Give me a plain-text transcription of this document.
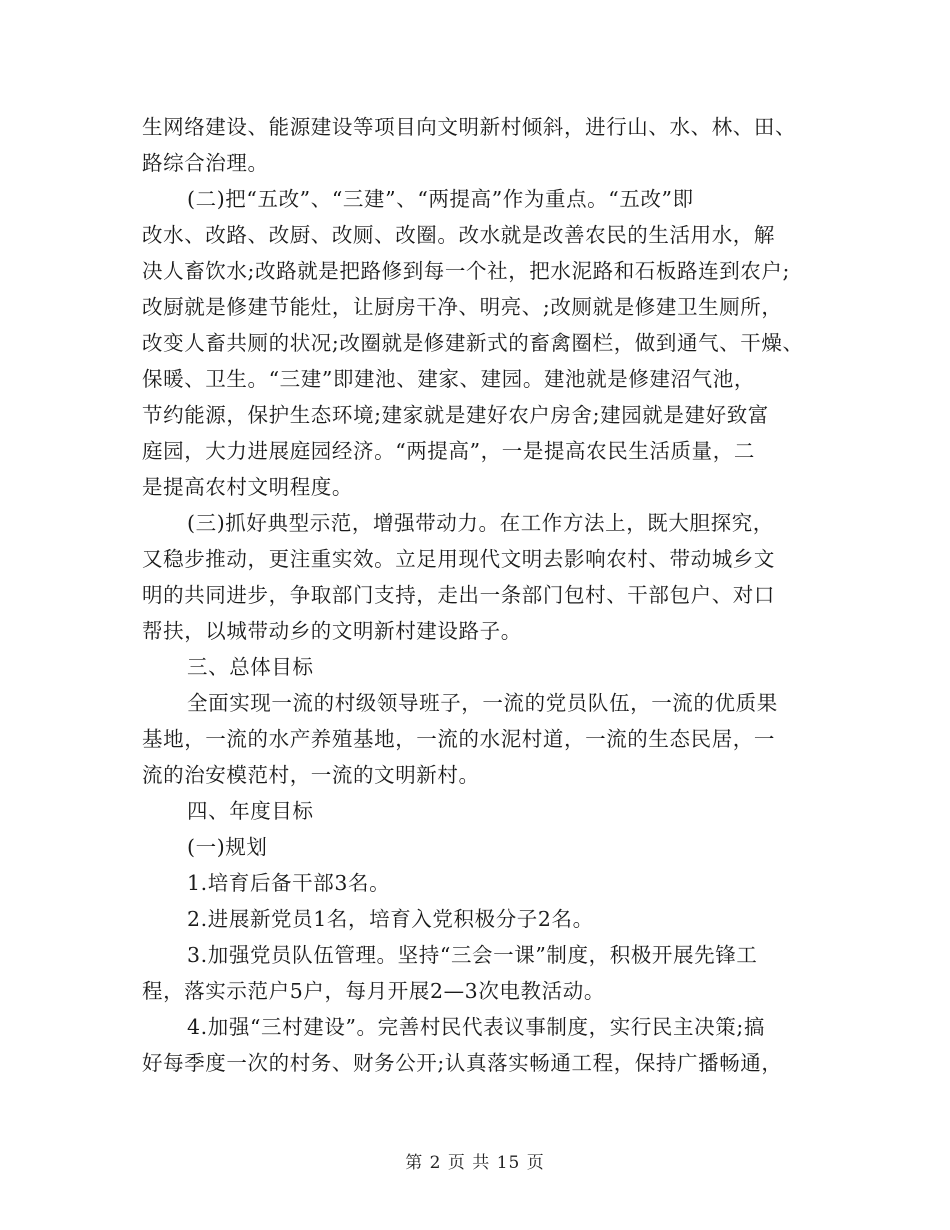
生网络建设、能源建设等项目向文明新村倾斜，进行山、水、林、田、
路综合治理。
(二)把“五改”、“三建”、“两提高”作为重点。“五改”即
改水、改路、改厨、改厕、改圈。改水就是改善农民的生活用水，解
决人畜饮水;改路就是把路修到每一个社，把水泥路和石板路连到农户;
改厨就是修建节能灶，让厨房干净、明亮、;改厕就是修建卫生厕所，
改变人畜共厕的状况;改圈就是修建新式的畜禽圈栏，做到通气、干燥、
保暖、卫生。“三建”即建池、建家、建园。建池就是修建沼气池，
节约能源，保护生态环境;建家就是建好农户房舍;建园就是建好致富
庭园，大力进展庭园经济。“两提高”，一是提高农民生活质量，二
是提高农村文明程度。
(三)抓好典型示范，增强带动力。在工作方法上，既大胆探究，
又稳步推动，更注重实效。立足用现代文明去影响农村、带动城乡文
明的共同进步，争取部门支持，走出一条部门包村、干部包户、对口
帮扶，以城带动乡的文明新村建设路子。
三、总体目标
全面实现一流的村级领导班子，一流的党员队伍，一流的优质果
基地，一流的水产养殖基地，一流的水泥村道，一流的生态民居，一
流的治安模范村，一流的文明新村。
四、年度目标
(一)规划
1.培育后备干部3名。
2.进展新党员1名，培育入党积极分子2名。
3.加强党员队伍管理。坚持“三会一课”制度，积极开展先锋工
程，落实示范户5户，每月开展2—3次电教活动。
4.加强“三村建设”。完善村民代表议事制度，实行民主决策;搞
好每季度一次的村务、财务公开;认真落实畅通工程，保持广播畅通，
第 2 页 共 15 页
